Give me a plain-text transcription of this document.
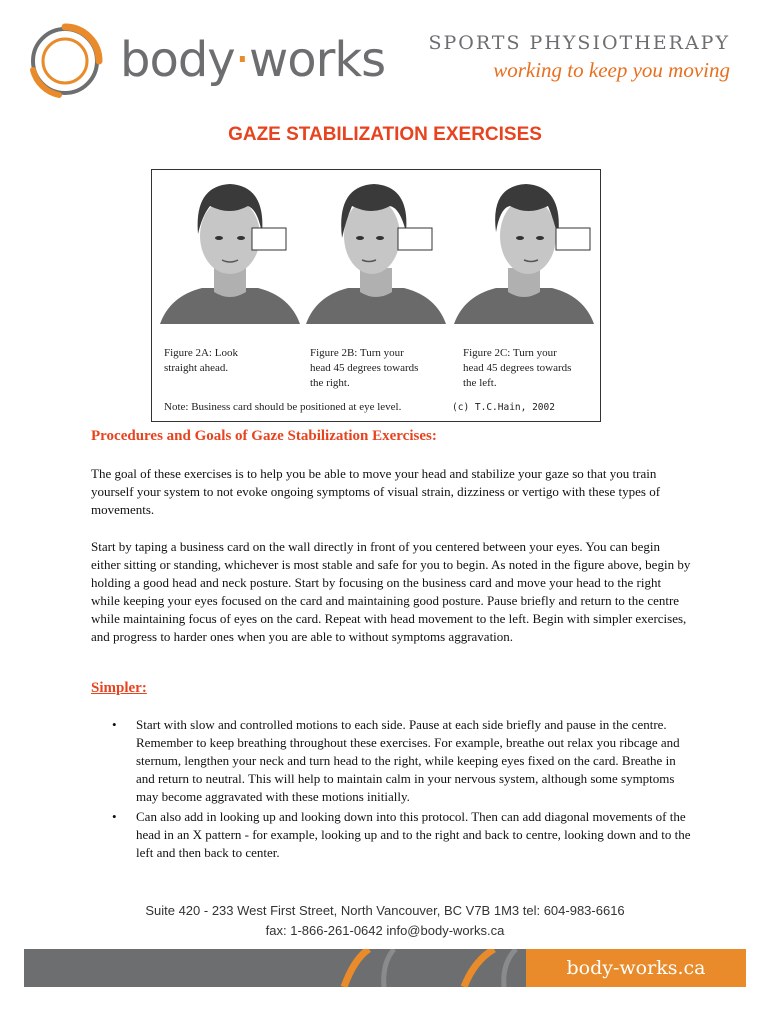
body·works SPORTS PHYSIOTHERAPY
working to keep you moving
GAZE STABILIZATION EXERCISES
Figure 2A: Look
straight ahead.
Figure 2B: Turn your
head 45 degrees towards
the right.
Figure 2C: Turn your
head 45 degrees towards
the left.
Note: Business card should be positioned at eye level.	(c) T.C.Hain, 2002

Procedures and Goals of Gaze Stabilization Exercises:

The goal of these exercises is to help you be able to move your head and stabilize your gaze so that you train yourself your system to not evoke ongoing symptoms of visual strain, dizziness or vertigo with these types of movements.

Start by taping a business card on the wall directly in front of you centered between your eyes. You can begin either sitting or standing, whichever is most stable and safe for you to begin. As noted in the figure above, begin by holding a good head and neck posture. Start by focusing on the business card and move your head to the right while keeping your eyes focused on the card and maintaining good posture. Pause briefly and return to the centre while maintaining focus of eyes on the card. Repeat with head movement to the left. Begin with simpler exercises, and progress to harder ones when you are able to without symptoms aggravation.

Simpler:

• Start with slow and controlled motions to each side. Pause at each side briefly and pause in the centre. Remember to keep breathing throughout these exercises. For example, breathe out relax you ribcage and sternum, lengthen your neck and turn head to the right, while keeping eyes fixed on the card. Breathe in and return to neutral. This will help to maintain calm in your nervous system, although some symptoms may become aggravated with these motions initially.
• Can also add in looking up and looking down into this protocol. Then can add diagonal movements of the head in an X pattern - for example, looking up and to the right and back to centre, looking down and to the left and then back to center.
Suite 420 - 233 West First Street, North Vancouver, BC V7B 1M3 tel: 604-983-6616
fax: 1-866-261-0642 info@body-works.ca
body-works.ca
